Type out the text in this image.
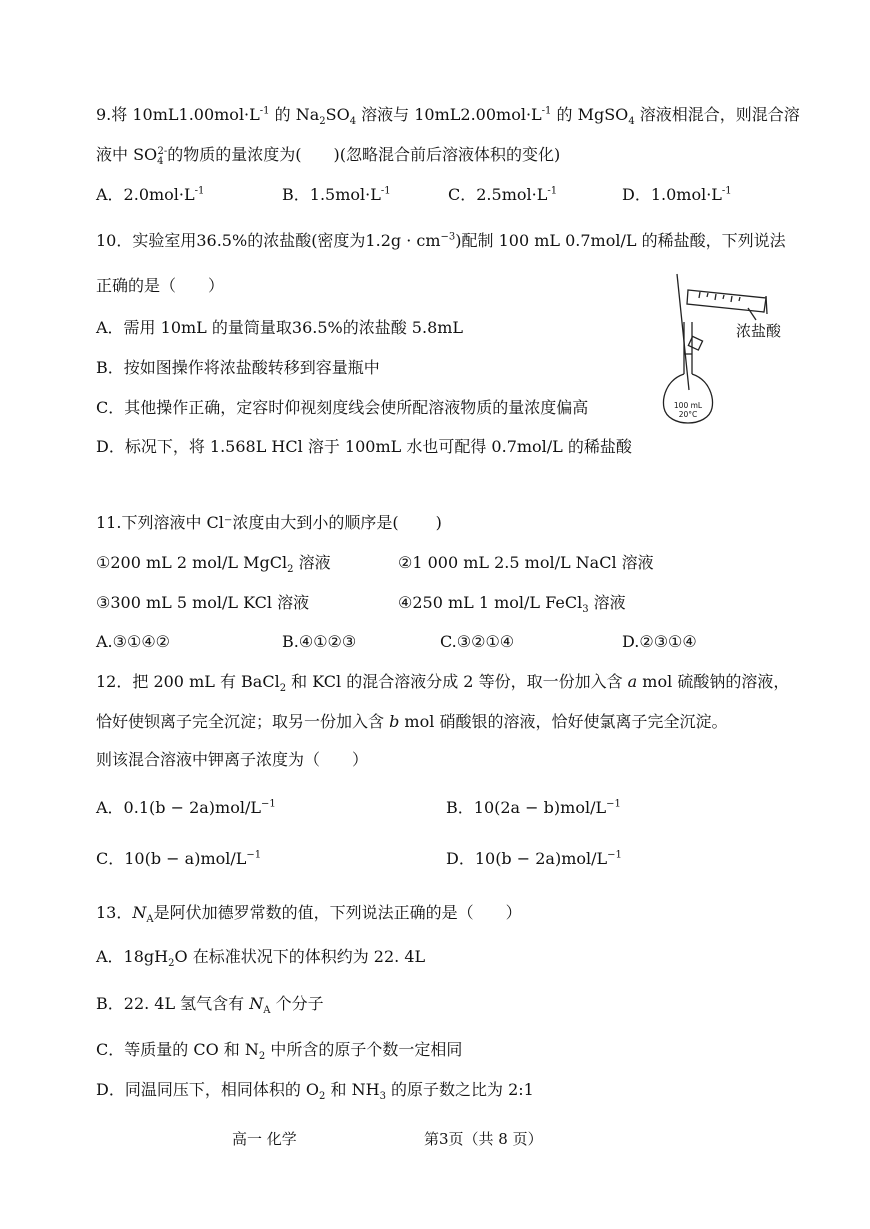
9.将 $10mL1.00mol\cdot L^{-1}$ 的 $Na_2SO_4$ 溶液与 $10mL2.00mol\cdot L^{-1}$ 的 MgSO$_4$ 溶液相混合，则混合溶
液中 $SO_4^{2-}$的物质的量浓度为(　　)(忽略混合前后溶液体积的变化)
A．$2.0mol\cdot L^{-1}$	B．$1.5mol\cdot L^{-1}$	C．$2.5mol\cdot L^{-1}$	D．$1.0mol\cdot L^{-1}$
10．实验室用36.5%的浓盐酸(密度为$1.2g \cdot cm^{-3}$)配制 100 mL 0.7mol/L 的稀盐酸，下列说法
正确的是（　　）
A．需用 10mL 的量筒量取36.5%的浓盐酸 5.8mL
B．按如图操作将浓盐酸转移到容量瓶中
C．其他操作正确，定容时仰视刻度线会使所配溶液物质的量浓度偏高
D．标况下，将 1.568L HCl 溶于 100mL 水也可配得 0.7mol/L 的稀盐酸
浓盐酸
100 mL
20°C
11.下列溶液中 Cl⁻浓度由大到小的顺序是(　　 )
①200 mL 2 mol/L MgCl$_2$ 溶液	②1 000 mL 2.5 mol/L NaCl 溶液
③300 mL 5 mol/L KCl 溶液	④250 mL 1 mol/L FeCl$_3$ 溶液
A.③①④②	B.④①②③	C.③②①④	D.②③①④
12．把 200 mL 有 BaCl$_2$ 和 KCl 的混合溶液分成 2 等份，取一份加入含 a mol 硫酸钠的溶液，
恰好使钡离子完全沉淀；取另一份加入含 b mol 硝酸银的溶液，恰好使氯离子完全沉淀。
则该混合溶液中钾离子浓度为（　　）
A．$0.1(b - 2a)mol/L^{-1}$	B．$10(2a - b)mol/L^{-1}$
C．$10(b - a)mol/L^{-1}$	D．$10(b - 2a)mol/L^{-1}$
13．$N_A$是阿伏加德罗常数的值，下列说法正确的是（　　）
A．$18gH_2O$ 在标准状况下的体积约为 22. 4L
B．22. 4L 氢气含有 $N_A$ 个分子
C．等质量的 CO 和 $N_2$ 中所含的原子个数一定相同
D．同温同压下，相同体积的 $O_2$ 和 $NH_3$ 的原子数之比为 2:1
高一 化学	第3页（共 8 页）
